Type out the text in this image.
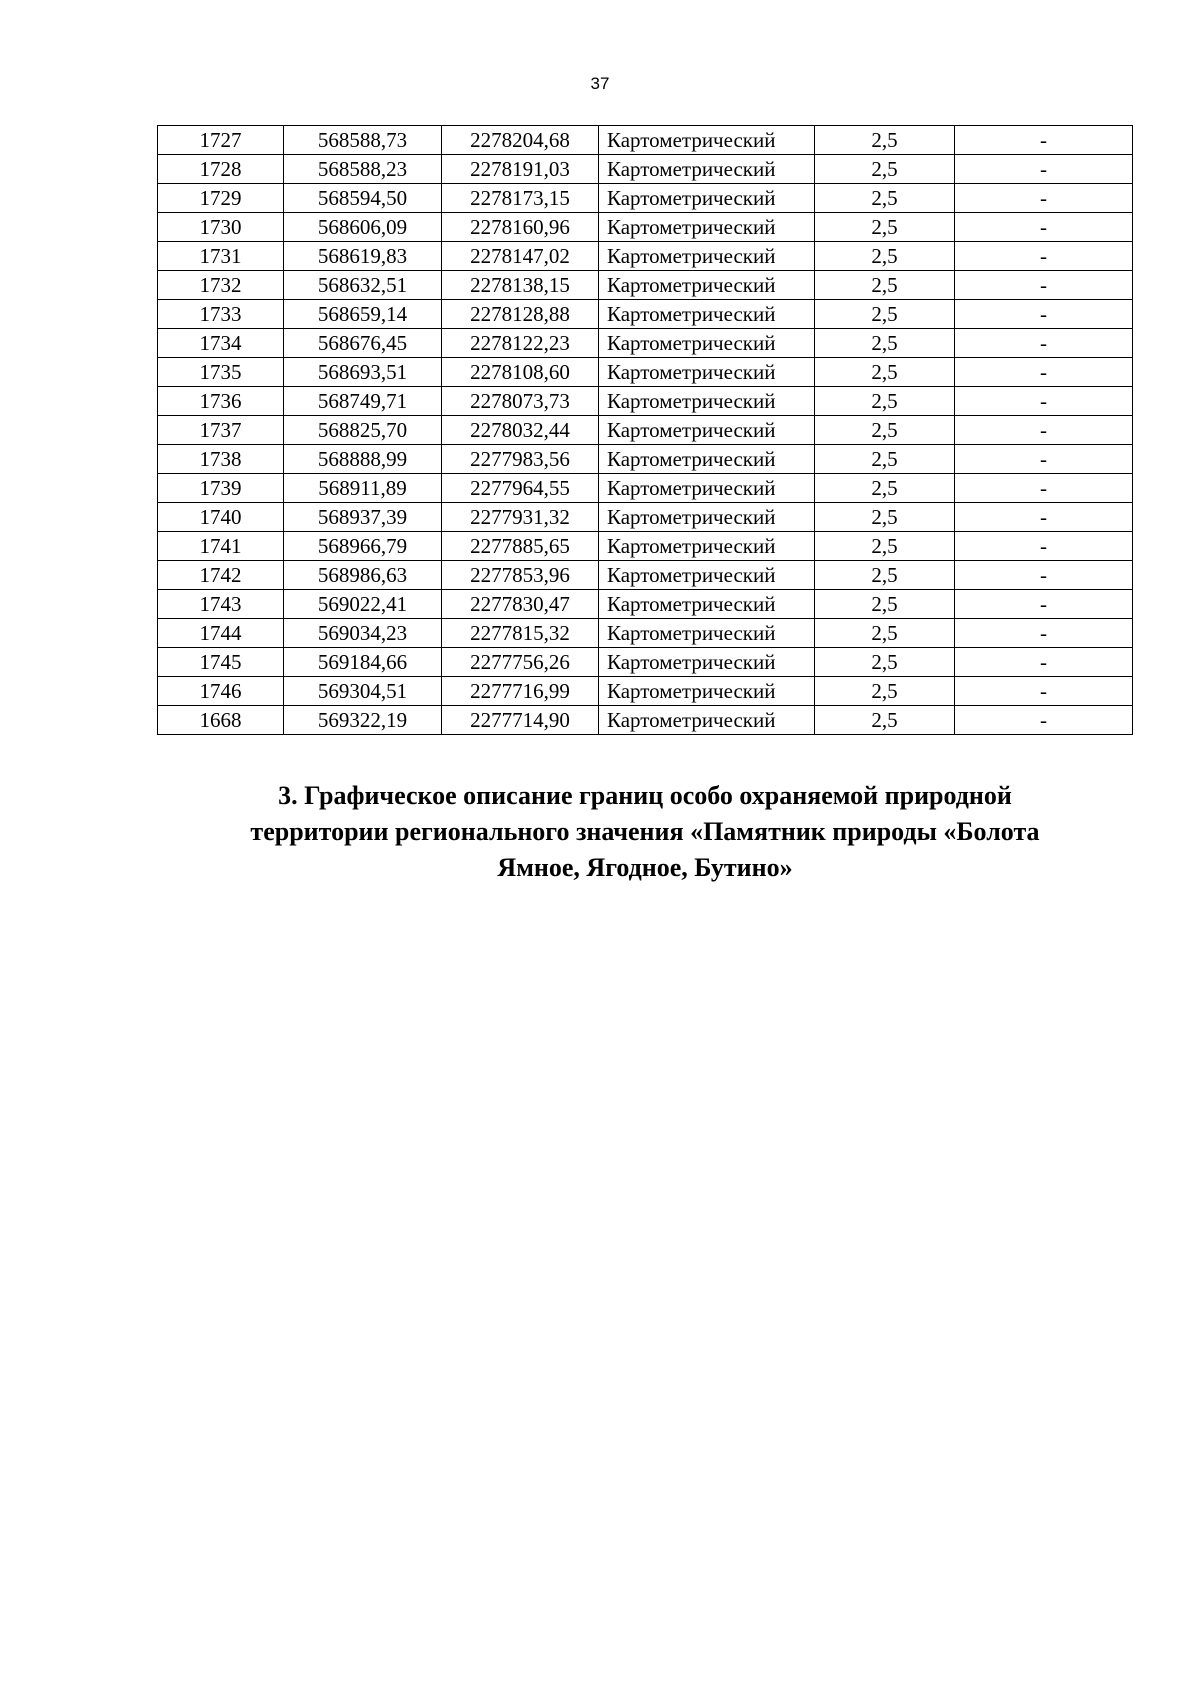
37
1727	568588,73	2278204,68	Картометрический	2,5	-
1728	568588,23	2278191,03	Картометрический	2,5	-
1729	568594,50	2278173,15	Картометрический	2,5	-
1730	568606,09	2278160,96	Картометрический	2,5	-
1731	568619,83	2278147,02	Картометрический	2,5	-
1732	568632,51	2278138,15	Картометрический	2,5	-
1733	568659,14	2278128,88	Картометрический	2,5	-
1734	568676,45	2278122,23	Картометрический	2,5	-
1735	568693,51	2278108,60	Картометрический	2,5	-
1736	568749,71	2278073,73	Картометрический	2,5	-
1737	568825,70	2278032,44	Картометрический	2,5	-
1738	568888,99	2277983,56	Картометрический	2,5	-
1739	568911,89	2277964,55	Картометрический	2,5	-
1740	568937,39	2277931,32	Картометрический	2,5	-
1741	568966,79	2277885,65	Картометрический	2,5	-
1742	568986,63	2277853,96	Картометрический	2,5	-
1743	569022,41	2277830,47	Картометрический	2,5	-
1744	569034,23	2277815,32	Картометрический	2,5	-
1745	569184,66	2277756,26	Картометрический	2,5	-
1746	569304,51	2277716,99	Картометрический	2,5	-
1668	569322,19	2277714,90	Картометрический	2,5	-
3. Графическое описание границ особо охраняемой природной
территории регионального значения «Памятник природы «Болота
Ямное, Ягодное, Бутино»
